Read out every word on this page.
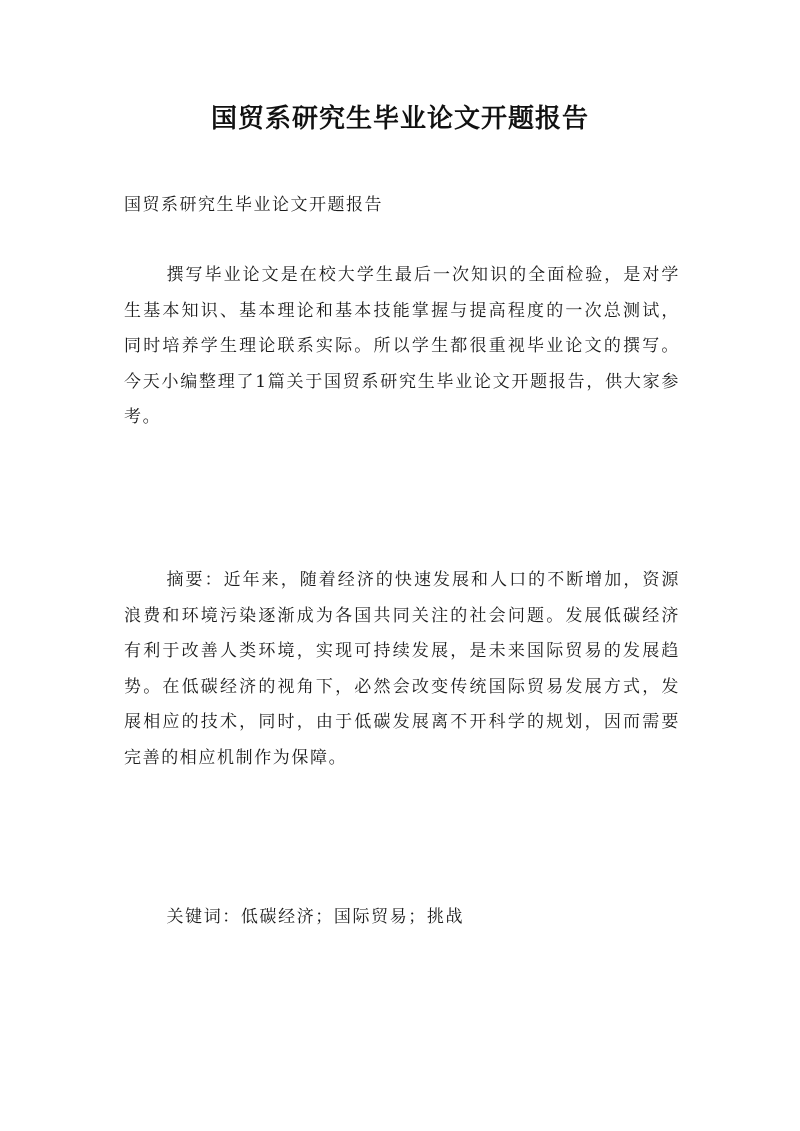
国贸系研究生毕业论文开题报告

国贸系研究生毕业论文开题报告

撰写毕业论文是在校大学生最后一次知识的全面检验，是对学生基本知识、基本理论和基本技能掌握与提高程度的一次总测试，同时培养学生理论联系实际。所以学生都很重视毕业论文的撰写。今天小编整理了1篇关于国贸系研究生毕业论文开题报告，供大家参考。

摘要：近年来，随着经济的快速发展和人口的不断增加，资源浪费和环境污染逐渐成为各国共同关注的社会问题。发展低碳经济有利于改善人类环境，实现可持续发展，是未来国际贸易的发展趋势。在低碳经济的视角下，必然会改变传统国际贸易发展方式，发展相应的技术，同时，由于低碳发展离不开科学的规划，因而需要完善的相应机制作为保障。

关键词：低碳经济；国际贸易；挑战
